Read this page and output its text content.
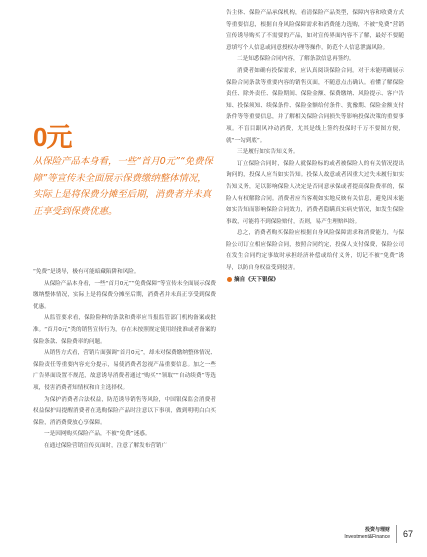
0元

从保险产品本身看，一些“首月0元”“免费保障”等宣传未全面展示保费缴纳整体情况，实际上是将保费分摊至后期，消费者并未真正享受到保费优惠。

“免费”是诱导，极有可能暗藏陷阱和风险。

从保险产品本身看，一些“首月0元”“免费保障”等宣传未全面展示保费缴纳整体情况，实际上是将保费分摊至后期，消费者并未真正享受到保费优惠。

从监管要求看，保险险种的条款和费率应当报监管部门机构备案或批准。“首月0元”类的销售宣传行为，存在未按照规定使用经批准或者备案的保险条款、保险费率的问题。

从销售方式看，营销片面强调“首月0元”，却未对保费缴纳整体情况、保险责任等重要内容充分提示，易使消费者忽视产品重要信息。加之一些广告界面设置不规范，故意诱导消费者通过“购买”“领取”“自动续费”等选项，侵害消费者知情权和自主选择权。

为保护消费者合法权益，防范诱导销售等风险，中国银保监会消费者权益保护局提醒消费者在选购保险产品时注意以下事项，做到明明白白买保险，消消费费放心享保障。

一是因网购买保险产品，不被“免费”迷惑。

在通过保险营销宣传页面时，注意了解发布营销广

告主体、保险产品承保机构，看清保险产品类型，保障内容和收费方式等重要信息，根据自身风险保障需求和消费能力选购，不被“免费”营销宣传诱导购买了不需要的产品，如对宣传界面内容不了解，最好不要随意填写个人信息或同意授权办理等操作，防范个人信息泄露风险。

二是知悉保险合同内容，了解条款信息再签约。

消费者如确有投保需求，应认真阅读保险合同。对于未能明确展示保险合同条款等重要内容的销售页面，不随意点击确认。看懂了解保险责任、除外责任、保险期间、保险金额、保费缴纳、风险提示、客户告知、投保须知、续保条件、保险金额给付条件、犹豫期、保险金额支付条件等等重要信息，并了解相关保险合同损失等影响投保决策的重要事项。不盲目跟风冲动消费，尤其是线上签约投保时千万不要图方便，就“一勾到底”。

三是履行如实告知义务。

订立保险合同时，保险人就保险标的或者被保险人的有关情况提出询问的，投保人应当如实告知。投保人故意或者因重大过失未履行如实告知义务，足以影响保险人决定是否同意承保或者提高保险费率的，保险人有权解除合同。消费者应当客观如实地反映有关信息，避免因未能如实告知而影响保险合同效力，消费者隐瞒真实病史情况，如发生保险事故，可能将不到保险赔付，否则，易产生理赔纠纷。

总之，消费者购买保险应根据自身风险保障需求和消费能力，与保险公司订立相应保险合同，按照合同约定，投保人支付保费，保险公司在发生合同约定事故时承担经济补偿或给付义务，切记不被“免费”诱导，以防自身权益受到侵害。

摘自《天下银保》

投资与理财
Investment&Finance 67
